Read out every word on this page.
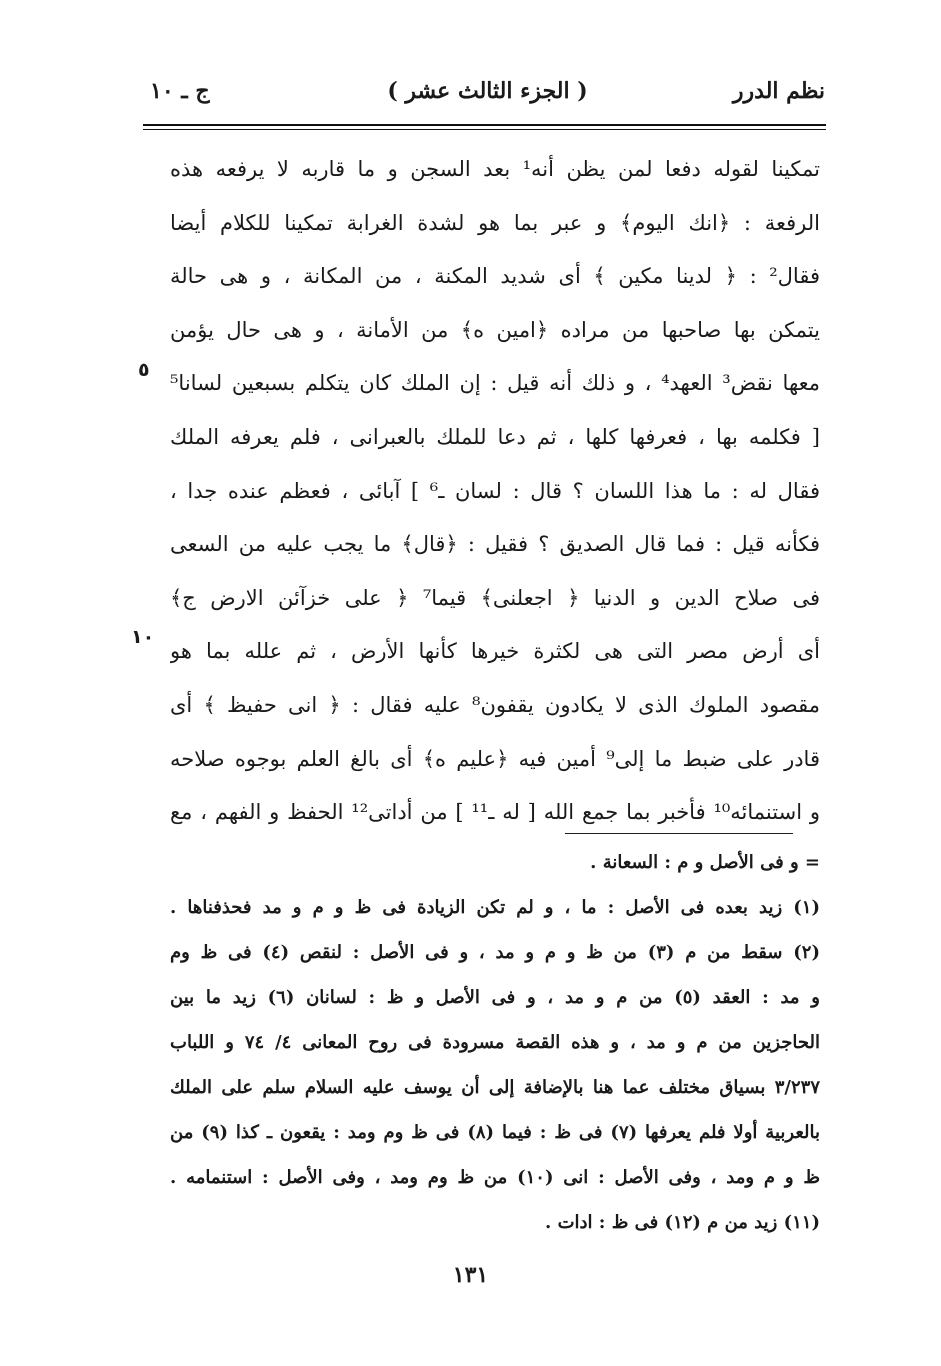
نظم الدرر
( الجزء الثالث عشر )
ج ـ ١٠
تمكينا لقوله دفعا لمن يظن أنه¹ بعد السجن و ما قاربه لا يرفعه هذه
الرفعة : ﴿انك اليوم﴾ و عبر بما هو لشدة الغرابة تمكينا للكلام أيضا
فقال² : ﴿ لدينا مكين ﴾ أى شديد المكنة ، من المكانة ، و هى حالة
يتمكن بها صاحبها من مراده ﴿امين ه﴾ من الأمانة ، و هى حال يؤمن
معها نقض³ العهد⁴ ، و ذلك أنه قيل : إن الملك كان يتكلم بسبعين لسانا⁵
[ فكلمه بها ، فعرفها كلها ، ثم دعا للملك بالعبرانى ، فلم يعرفه الملك
فقال له : ما هذا اللسان ؟ قال : لسان ـ⁶ ] آبائى ، فعظم عنده جدا ،
فكأنه قيل : فما قال الصديق ؟ فقيل : ﴿قال﴾ ما يجب عليه من السعى
فى صلاح الدين و الدنيا ﴿ اجعلنى﴾ قيما⁷ ﴿ على خزآئن الارض ج﴾
أى أرض مصر التى هى لكثرة خيرها كأنها الأرض ، ثم علله بما هو
مقصود الملوك الذى لا يكادون يقفون⁸ عليه فقال : ﴿ انى حفيظ ﴾ أى
قادر على ضبط ما إلى⁹ أمين فيه ﴿عليم ه﴾ أى بالغ العلم بوجوه صلاحه
و استنمائه¹⁰ فأخبر بما جمع الله [ له ـ¹¹ ] من أداتى¹² الحفظ و الفهم ، مع
٥
١٠
= و فى الأصل و م : السعانة .
(١) زيد بعده فى الأصل : ما ، و لم تكن الزيادة فى ظ و م و مد فحذفناها .
(٢) سقط من م (٣) من ظ و م و مد ، و فى الأصل : لنقص (٤) فى ظ وم
و مد : العقد (٥) من م و مد ، و فى الأصل و ظ : لسانان (٦) زيد ما بين
الحاجزين من م و مد ، و هذه القصة مسرودة فى روح المعانى ٤/ ٧٤ و اللباب
٣/٢٣٧ بسياق مختلف عما هنا بالإضافة إلى أن يوسف عليه السلام سلم على الملك
بالعربية أولا فلم يعرفها (٧) فى ظ : فيما (٨) فى ظ وم ومد : يقعون ـ كذا (٩) من
ظ و م ومد ، وفى الأصل : انى (١٠) من ظ وم ومد ، وفى الأصل : استنمامه .
(١١) زيد من م (١٢) فى ظ : ادات .
١٣١
